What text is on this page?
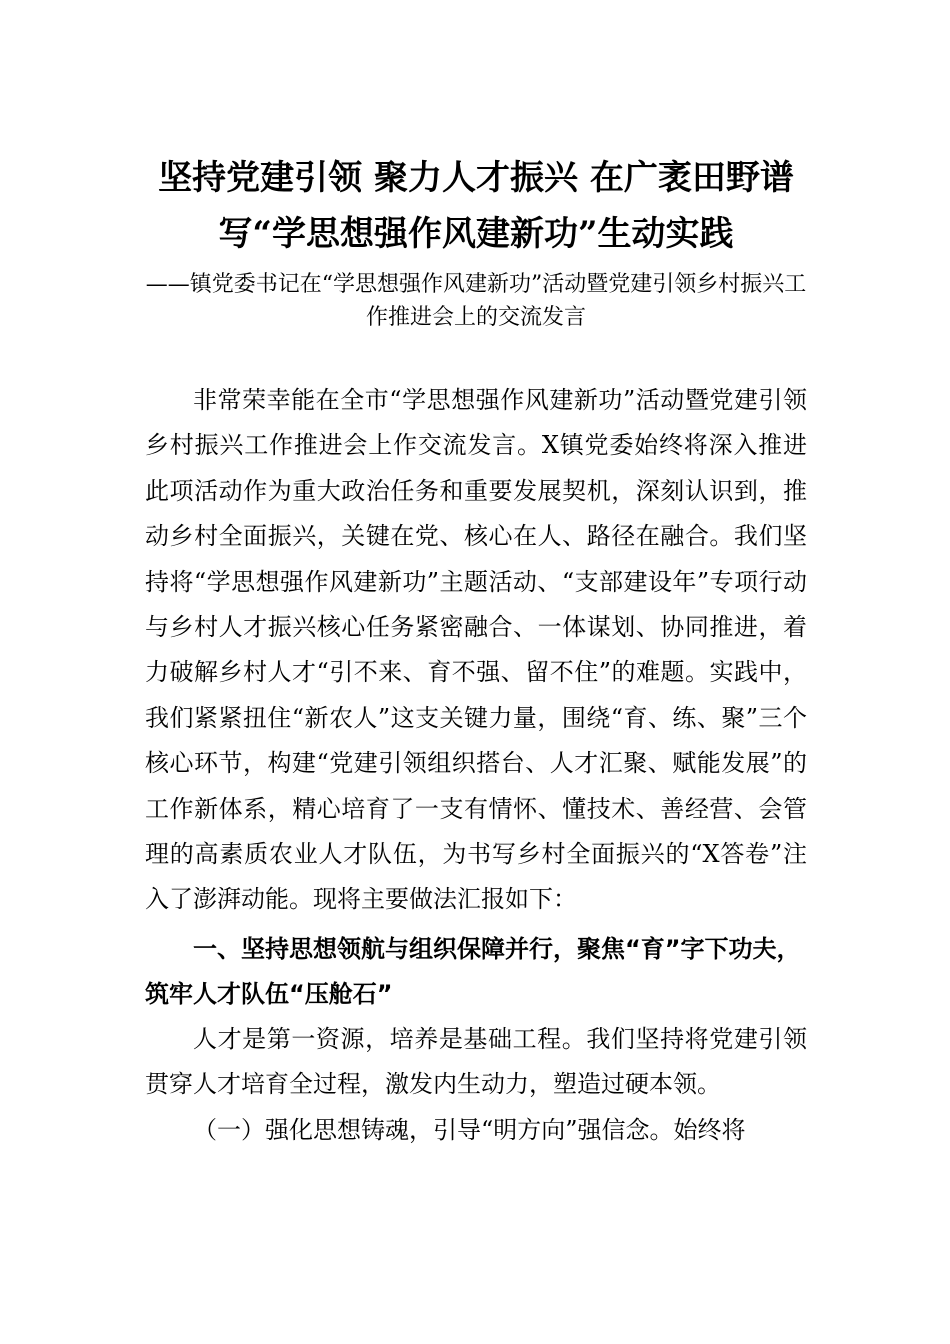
坚持党建引领 聚力人才振兴 在广袤田野谱
写“学思想强作风建新功”生动实践

——镇党委书记在“学思想强作风建新功”活动暨党建引领乡村振兴工作推进会上的交流发言

非常荣幸能在全市“学思想强作风建新功”活动暨党建引领乡村振兴工作推进会上作交流发言。X镇党委始终将深入推进此项活动作为重大政治任务和重要发展契机，深刻认识到，推动乡村全面振兴，关键在党、核心在人、路径在融合。我们坚持将“学思想强作风建新功”主题活动、“支部建设年”专项行动与乡村人才振兴核心任务紧密融合、一体谋划、协同推进，着力破解乡村人才“引不来、育不强、留不住”的难题。实践中，我们紧紧扭住“新农人”这支关键力量，围绕“育、练、聚”三个核心环节，构建“党建引领组织搭台、人才汇聚、赋能发展”的工作新体系，精心培育了一支有情怀、懂技术、善经营、会管理的高素质农业人才队伍，为书写乡村全面振兴的“X答卷”注入了澎湃动能。现将主要做法汇报如下：

一、坚持思想领航与组织保障并行，聚焦“育”字下功夫，筑牢人才队伍“压舱石”

人才是第一资源，培养是基础工程。我们坚持将党建引领贯穿人才培育全过程，激发内生动力，塑造过硬本领。

（一）强化思想铸魂，引导“明方向”强信念。始终将
